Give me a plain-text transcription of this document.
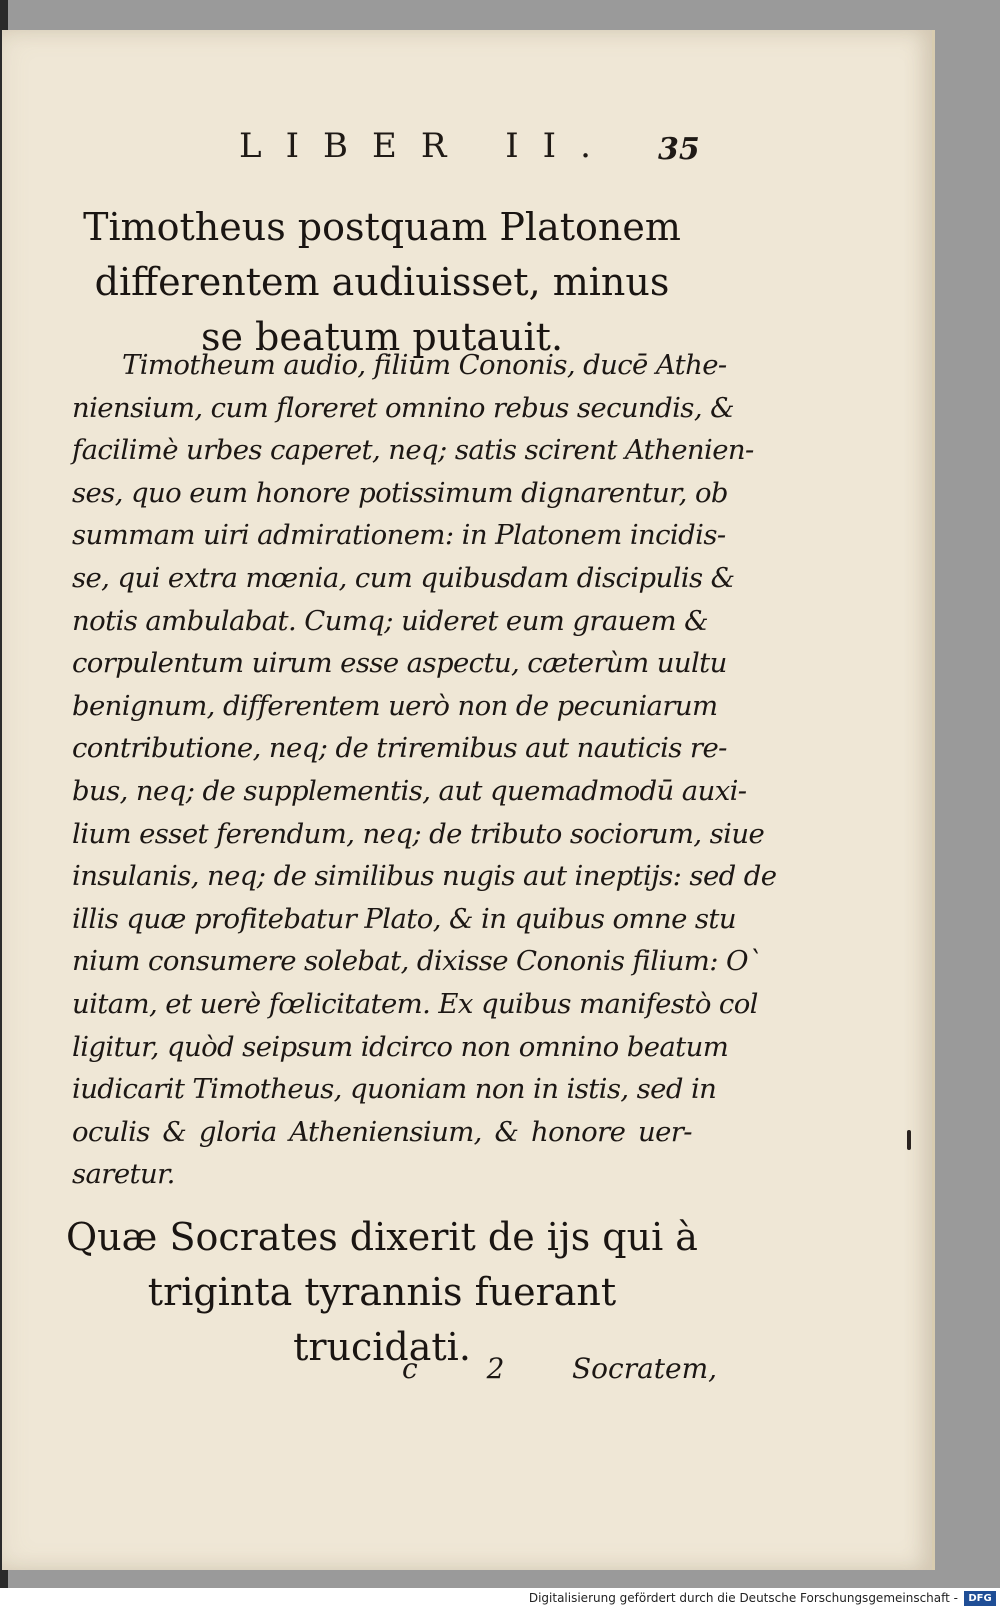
LIBER II. 35
Timotheus postquam Platonem
differentem audiuisset, minus
se beatum putauit.
Timotheum audio, filium Cononis, ducē Athe-
niensium, cum floreret omnino rebus secundis, &
facilimè urbes caperet, neq; satis scirent Athenien-
ses, quo eum honore potissimum dignarentur, ob
summam uiri admirationem: in Platonem incidis-
se, qui extra mœnia, cum quibusdam discipulis &
notis ambulabat. Cumq; uideret eum grauem &
corpulentum uirum esse aspectu, cæterùm uultu
benignum, differentem uerò non de pecuniarum
contributione, neq; de triremibus aut nauticis re-
bus, neq; de supplementis, aut quemadmodū auxi-
lium esset ferendum, neq; de tributo sociorum, siue
insulanis, neq; de similibus nugis aut ineptijs: sed de
illis quæ profitebatur Plato, & in quibus omne stu
nium consumere solebat, dixisse Cononis filium: O`
uitam, et uerè fœlicitatem. Ex quibus manifestò col
ligitur, quòd seipsum idcirco non omnino beatum
iudicarit Timotheus, quoniam non in istis, sed in
oculis & gloria Atheniensium, & honore uer-
saretur.
Quæ Socrates dixerit de ijs qui à
triginta tyrannis fuerant
trucidati.
c 2 Socratem,
Digitalisierung gefördert durch die Deutsche Forschungsgemeinschaft -	DFG
